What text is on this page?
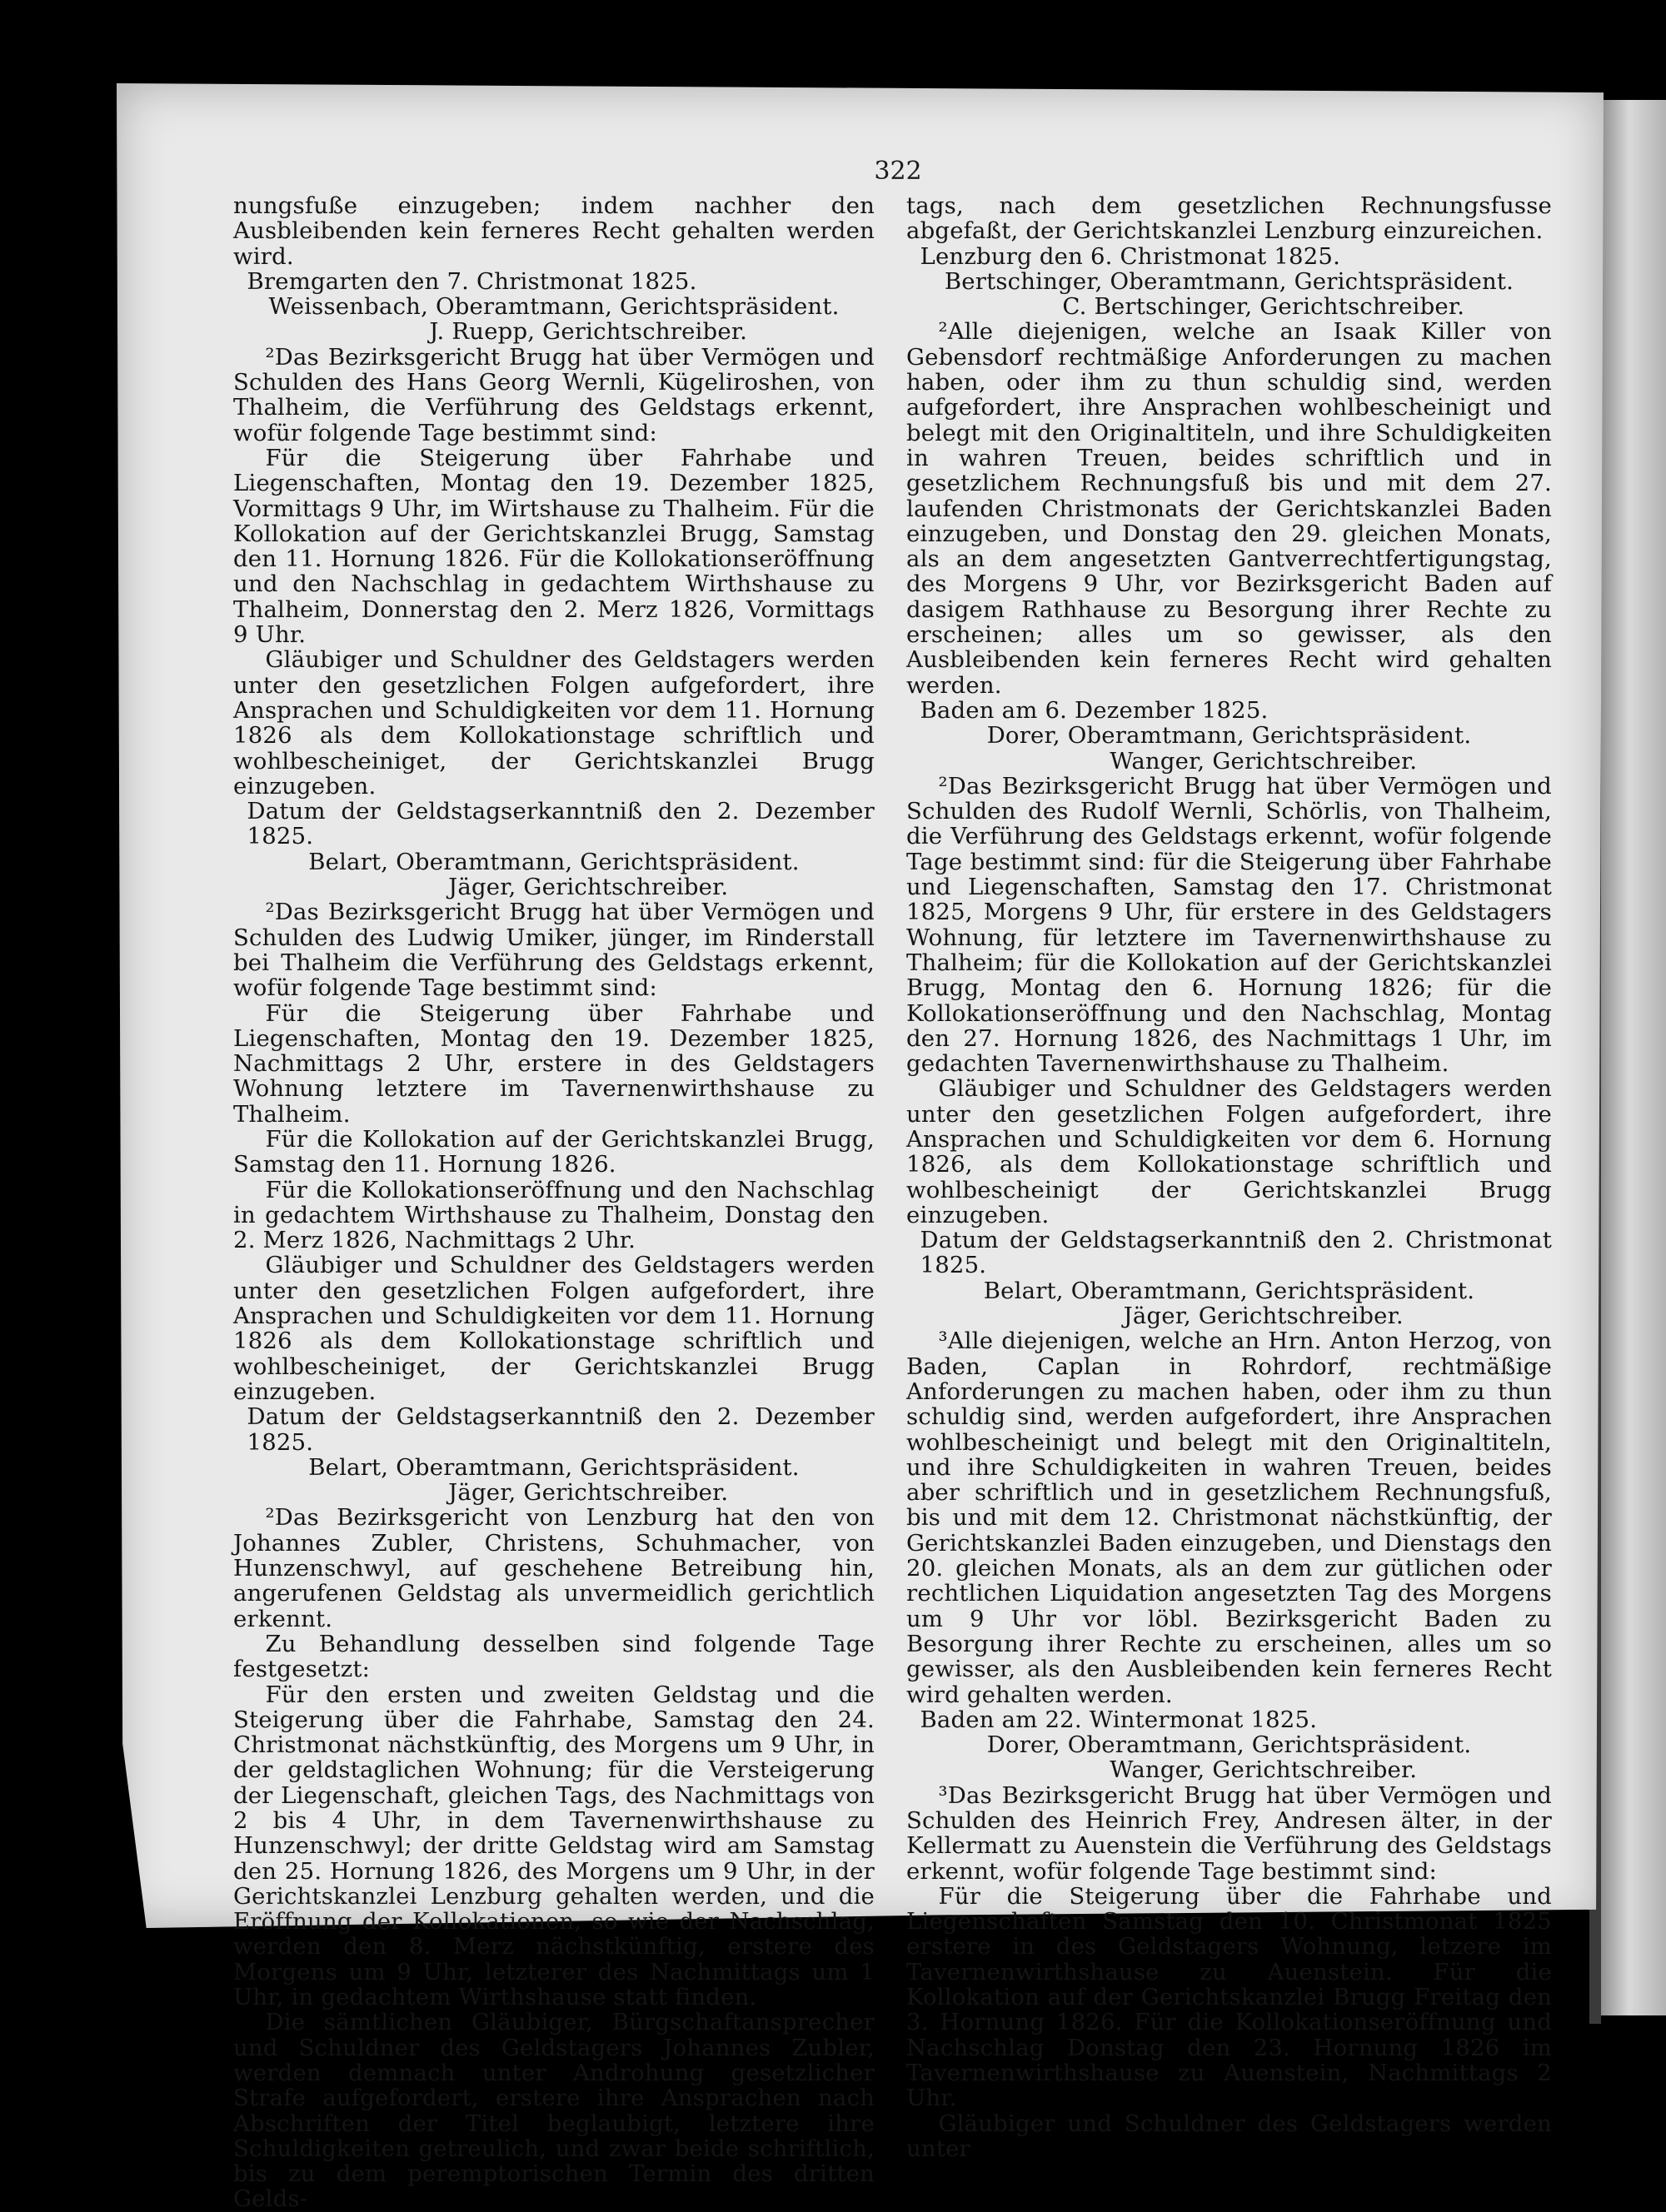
322

nungsfuße einzugeben; indem nachher den Ausbleibenden kein ferneres Recht gehalten werden wird.

Bremgarten den 7. Christmonat 1825.

Weissenbach, Oberamtmann, Gerichtspräsident.

J. Ruepp, Gerichtschreiber.

²Das Bezirksgericht Brugg hat über Vermögen und Schulden des Hans Georg Wernli, Kügeliroshen, von Thalheim, die Verführung des Geldstags erkennt, wofür folgende Tage bestimmt sind:

Für die Steigerung über Fahrhabe und Liegenschaften, Montag den 19. Dezember 1825, Vormittags 9 Uhr, im Wirtshause zu Thalheim. Für die Kollokation auf der Gerichtskanzlei Brugg, Samstag den 11. Hornung 1826. Für die Kollokationseröffnung und den Nachschlag in gedachtem Wirthshause zu Thalheim, Donnerstag den 2. Merz 1826, Vormittags 9 Uhr.

Gläubiger und Schuldner des Geldstagers werden unter den gesetzlichen Folgen aufgefordert, ihre Ansprachen und Schuldigkeiten vor dem 11. Hornung 1826 als dem Kollokationstage schriftlich und wohlbescheiniget, der Gerichtskanzlei Brugg einzugeben.

Datum der Geldstagserkanntniß den 2. Dezember 1825.

Belart, Oberamtmann, Gerichtspräsident.

Jäger, Gerichtschreiber.

²Das Bezirksgericht Brugg hat über Vermögen und Schulden des Ludwig Umiker, jünger, im Rinderstall bei Thalheim die Verführung des Geldstags erkennt, wofür folgende Tage bestimmt sind:

Für die Steigerung über Fahrhabe und Liegenschaften, Montag den 19. Dezember 1825, Nachmittags 2 Uhr, erstere in des Geldstagers Wohnung letztere im Tavernenwirthshause zu Thalheim.

Für die Kollokation auf der Gerichtskanzlei Brugg, Samstag den 11. Hornung 1826.

Für die Kollokationseröffnung und den Nachschlag in gedachtem Wirthshause zu Thalheim, Donstag den 2. Merz 1826, Nachmittags 2 Uhr.

Gläubiger und Schuldner des Geldstagers werden unter den gesetzlichen Folgen aufgefordert, ihre Ansprachen und Schuldigkeiten vor dem 11. Hornung 1826 als dem Kollokationstage schriftlich und wohlbescheiniget, der Gerichtskanzlei Brugg einzugeben.

Datum der Geldstagserkanntniß den 2. Dezember 1825.

Belart, Oberamtmann, Gerichtspräsident.

Jäger, Gerichtschreiber.

²Das Bezirksgericht von Lenzburg hat den von Johannes Zubler, Christens, Schuhmacher, von Hunzenschwyl, auf geschehene Betreibung hin, angerufenen Geldstag als unvermeidlich gerichtlich erkennt.

Zu Behandlung desselben sind folgende Tage festgesetzt:

Für den ersten und zweiten Geldstag und die Steigerung über die Fahrhabe, Samstag den 24. Christmonat nächstkünftig, des Morgens um 9 Uhr, in der geldstaglichen Wohnung; für die Versteigerung der Liegenschaft, gleichen Tags, des Nachmittags von 2 bis 4 Uhr, in dem Tavernenwirthshause zu Hunzenschwyl; der dritte Geldstag wird am Samstag den 25. Hornung 1826, des Morgens um 9 Uhr, in der Gerichtskanzlei Lenzburg gehalten werden, und die Eröffnung der Kollokationen, so wie der Nachschlag, werden den 8. Merz nächstkünftig, erstere des Morgens um 9 Uhr, letzterer des Nachmittags um 1 Uhr, in gedachtem Wirthshause statt finden.

Die sämtlichen Gläubiger, Bürgschaftansprecher und Schuldner des Geldstagers Johannes Zubler, werden demnach unter Androhung gesetzlicher Strafe aufgefordert, erstere ihre Ansprachen nach Abschriften der Titel beglaubigt, letztere ihre Schuldigkeiten getreulich, und zwar beide schriftlich, bis zu dem peremptorischen Termin des dritten Gelds-

tags, nach dem gesetzlichen Rechnungsfusse abgefaßt, der Gerichtskanzlei Lenzburg einzureichen.

Lenzburg den 6. Christmonat 1825.

Bertschinger, Oberamtmann, Gerichtspräsident.

C. Bertschinger, Gerichtschreiber.

²Alle diejenigen, welche an Isaak Killer von Gebensdorf rechtmäßige Anforderungen zu machen haben, oder ihm zu thun schuldig sind, werden aufgefordert, ihre Ansprachen wohlbescheinigt und belegt mit den Originaltiteln, und ihre Schuldigkeiten in wahren Treuen, beides schriftlich und in gesetzlichem Rechnungsfuß bis und mit dem 27. laufenden Christmonats der Gerichtskanzlei Baden einzugeben, und Donstag den 29. gleichen Monats, als an dem angesetzten Gantverrechtfertigungstag, des Morgens 9 Uhr, vor Bezirksgericht Baden auf dasigem Rathhause zu Besorgung ihrer Rechte zu erscheinen; alles um so gewisser, als den Ausbleibenden kein ferneres Recht wird gehalten werden.

Baden am 6. Dezember 1825.

Dorer, Oberamtmann, Gerichtspräsident.

Wanger, Gerichtschreiber.

²Das Bezirksgericht Brugg hat über Vermögen und Schulden des Rudolf Wernli, Schörlis, von Thalheim, die Verführung des Geldstags erkennt, wofür folgende Tage bestimmt sind: für die Steigerung über Fahrhabe und Liegenschaften, Samstag den 17. Christmonat 1825, Morgens 9 Uhr, für erstere in des Geldstagers Wohnung, für letztere im Tavernenwirthshause zu Thalheim; für die Kollokation auf der Gerichtskanzlei Brugg, Montag den 6. Hornung 1826; für die Kollokationseröffnung und den Nachschlag, Montag den 27. Hornung 1826, des Nachmittags 1 Uhr, im gedachten Tavernenwirthshause zu Thalheim.

Gläubiger und Schuldner des Geldstagers werden unter den gesetzlichen Folgen aufgefordert, ihre Ansprachen und Schuldigkeiten vor dem 6. Hornung 1826, als dem Kollokationstage schriftlich und wohlbescheinigt der Gerichtskanzlei Brugg einzugeben.

Datum der Geldstagserkanntniß den 2. Christmonat 1825.

Belart, Oberamtmann, Gerichtspräsident.

Jäger, Gerichtschreiber.

³Alle diejenigen, welche an Hrn. Anton Herzog, von Baden, Caplan in Rohrdorf, rechtmäßige Anforderungen zu machen haben, oder ihm zu thun schuldig sind, werden aufgefordert, ihre Ansprachen wohlbescheinigt und belegt mit den Originaltiteln, und ihre Schuldigkeiten in wahren Treuen, beides aber schriftlich und in gesetzlichem Rechnungsfuß, bis und mit dem 12. Christmonat nächstkünftig, der Gerichtskanzlei Baden einzugeben, und Dienstags den 20. gleichen Monats, als an dem zur gütlichen oder rechtlichen Liquidation angesetzten Tag des Morgens um 9 Uhr vor löbl. Bezirksgericht Baden zu Besorgung ihrer Rechte zu erscheinen, alles um so gewisser, als den Ausbleibenden kein ferneres Recht wird gehalten werden.

Baden am 22. Wintermonat 1825.

Dorer, Oberamtmann, Gerichtspräsident.

Wanger, Gerichtschreiber.

³Das Bezirksgericht Brugg hat über Vermögen und Schulden des Heinrich Frey, Andresen älter, in der Kellermatt zu Auenstein die Verführung des Geldstags erkennt, wofür folgende Tage bestimmt sind:

Für die Steigerung über die Fahrhabe und Liegenschaften Samstag den 10. Christmonat 1825 erstere in des Geldstagers Wohnung, letzere im Tavernenwirthshause zu Auenstein. Für die Kollokation auf der Gerichtskanzlei Brugg Freitag den 3. Hornung 1826. Für die Kollokationseröffnung und Nachschlag Donstag den 23. Hornung 1826 im Tavernenwirthshause zu Auenstein, Nachmittags 2 Uhr.

Gläubiger und Schuldner des Geldstagers werden unter
